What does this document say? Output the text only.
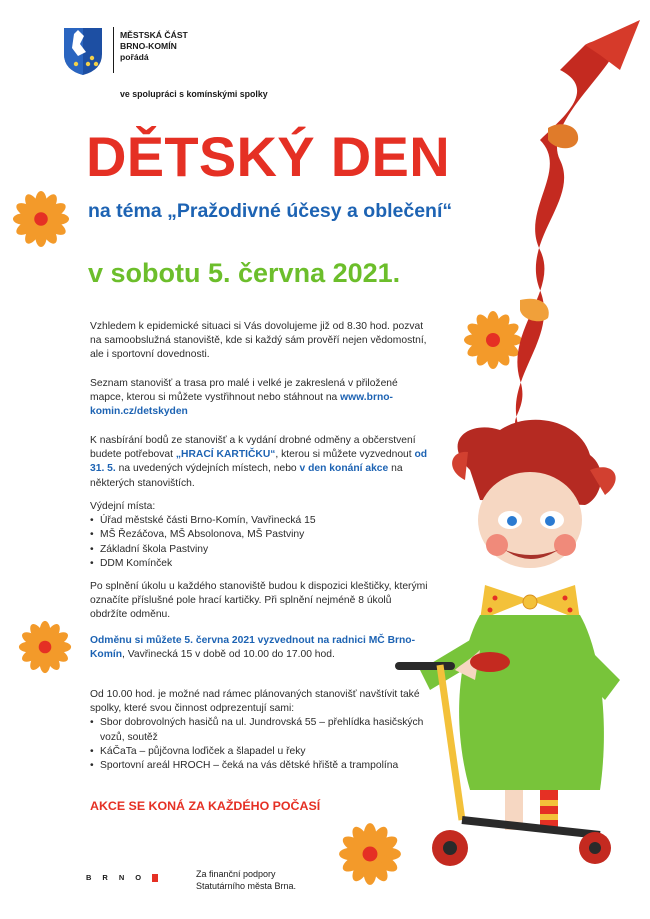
MĚSTSKÁ ČÁST
BRNO-KOMÍN
pořádá
ve spolupráci s komínskými spolky
DĚTSKÝ DEN
na téma „Pražodivné účesy a oblečení“
v sobotu 5. června 2021.

Vzhledem k epidemické situaci si Vás dovolujeme již od 8.30 hod. pozvat na samoobslužná stanoviště, kde si každý sám prověří nejen vědomostní, ale i sportovní dovednosti.

Seznam stanovišť a trasa pro malé i velké je zakreslená v přiložené mapce, kterou si můžete vystřihnout nebo stáhnout na www.brno-komin.cz/detskyden

K nasbírání bodů ze stanovišť a k vydání drobné odměny a občerstvení budete potřebovat „HRACÍ KARTIČKU“, kterou si můžete vyzvednout od 31. 5. na uvedených výdejních místech, nebo v den konání akce na některých stanovištích.

Výdejní místa:

• Úřad městské části Brno-Komín, Vavřinecká 15
• MŠ Řezáčova, MŠ Absolonova, MŠ Pastviny
• Základní škola Pastviny
• DDM Komínček

Po splnění úkolu u každého stanoviště budou k dispozici kleštičky, kterými označíte příslušné pole hrací kartičky. Při splnění nejméně 8 úkolů obdržíte odměnu.

Odměnu si můžete 5. června 2021 vyzvednout na radnici MČ Brno-Komín, Vavřinecká 15 v době od 10.00 do 17.00 hod.

Od 10.00 hod. je možné nad rámec plánovaných stanovišť navštívit také spolky, které svou činnost odprezentují sami:

• Sbor dobrovolných hasičů na ul. Jundrovská 55 – přehlídka hasičských vozů, soutěž
• KáČaTa – půjčovna loďiček a šlapadel u řeky
• Sportovní areál HROCH – čeká na vás dětské hřiště a trampolína
AKCE SE KONÁ ZA KAŽDÉHO POČASÍ
B R N O	Za finanční podpory
Statutárního města Brna.
